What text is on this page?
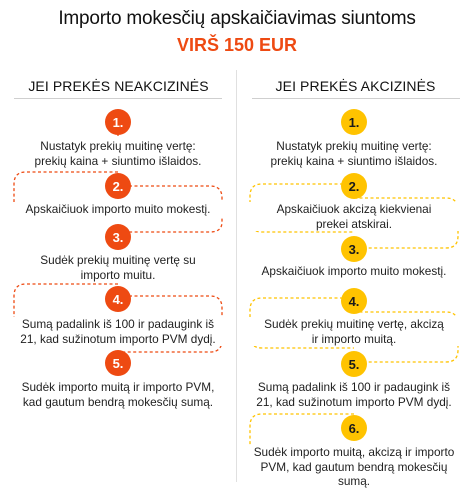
Importo mokesčių apskaičiavimas siuntoms
VIRŠ 150 EUR
JEI PREKĖS NEAKCIZINĖS	JEI PREKĖS AKCIZINĖS
1.
Nustatyk prekių muitinę vertę:
prekių kaina + siuntimo išlaidos.
2.
Apskaičiuok importo muito mokestį.
3.
Sudėk prekių muitinę vertę su
importo muitu.
4.
Sumą padalink iš 100 ir padaugink iš
21, kad sužinotum importo PVM dydį.
5.
Sudėk importo muitą ir importo PVM,
kad gautum bendrą mokesčių sumą.
1.
Nustatyk prekių muitinę vertę:
prekių kaina + siuntimo išlaidos.
2.
Apskaičiuok akcizą kiekvienai
prekei atskirai.
3.
Apskaičiuok importo muito mokestį.
4.
Sudėk prekių muitinę vertę, akcizą
ir importo muitą.
5.
Sumą padalink iš 100 ir padaugink iš
21, kad sužinotum importo PVM dydį.
6.
Sudėk importo muitą, akcizą ir importo
PVM, kad gautum bendrą mokesčių sumą.
